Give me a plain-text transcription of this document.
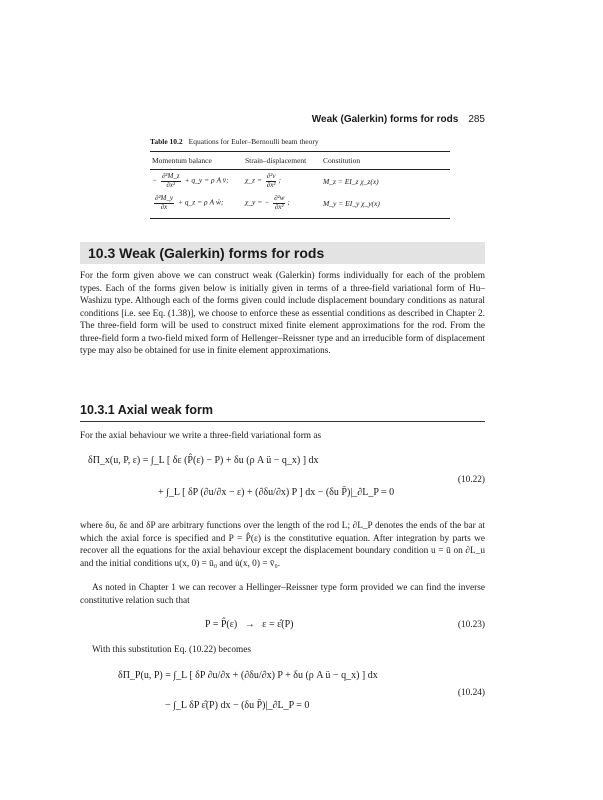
Weak (Galerkin) forms for rods 285
Table 10.2 Equations for Euler–Bernoulli beam theory
Momentum balance	Strain–displacement	Constitution
− $\frac{\text{∂²M\_z}}{\text{∂x²}}$ + q_y = ρ A v̈;	χ_z = $\frac{\text{∂²v}}{\text{∂x²}}$ ;	M_z = EI_z χ_z(x)
$\frac{\text{∂²M\_y}}{\partial x}$ + q_z = ρ A ẅ;	χ_y = − $\frac{\text{∂²w}}{\text{∂x²}}$ ;	M_y = EI_y χ_y(x)
10.3 Weak (Galerkin) forms for rods
For the form given above we can construct weak (Galerkin) forms individually for each of the problem types. Each of the forms given below is initially given in terms of a three-field variational form of Hu–Washizu type. Although each of the forms given could include displacement boundary conditions as natural conditions [i.e. see Eq. (1.38)], we choose to enforce these as essential conditions as described in Chapter 2. The three-field form will be used to construct mixed finite element approximations for the rod. From the three-field form a two-field mixed form of Hellenger–Reissner type and an irreducible form of displacement type may also be obtained for use in finite element approximations.
10.3.1 Axial weak form
For the axial behaviour we write a three-field variational form as
δΠ_x(u, P, ε) = ∫_L [ δε (P̂(ε) − P) + δu (ρ A ü − q_x) ] dx
+ ∫_L [ δP (∂u/∂x − ε) + (∂δu/∂x) P ] dx − (δu P̄)|_∂L_P = 0
(10.22)
where δu, δε and δP are arbitrary functions over the length of the rod L; ∂L_P denotes the ends of the bar at which the axial force is specified and P = P̂(ε) is the constitutive equation. After integration by parts we recover all the equations for the axial behaviour except the displacement boundary condition u = ū on ∂L_u and the initial conditions u(x, 0) = ū₀ and u̇(x, 0) = v̄₀.
As noted in Chapter 1 we can recover a Hellinger–Reissner type form provided we can find the inverse constitutive relation such that
P = P̂(ε)   →   ε = ε̂(P)	(10.23)
With this substitution Eq. (10.22) becomes
δΠ_P(u, P) = ∫_L [ δP ∂u/∂x + (∂δu/∂x) P + δu (ρ A ü − q_x) ] dx
− ∫_L δP ε̂(P) dx − (δu P̄)|_∂L_P = 0
(10.24)
